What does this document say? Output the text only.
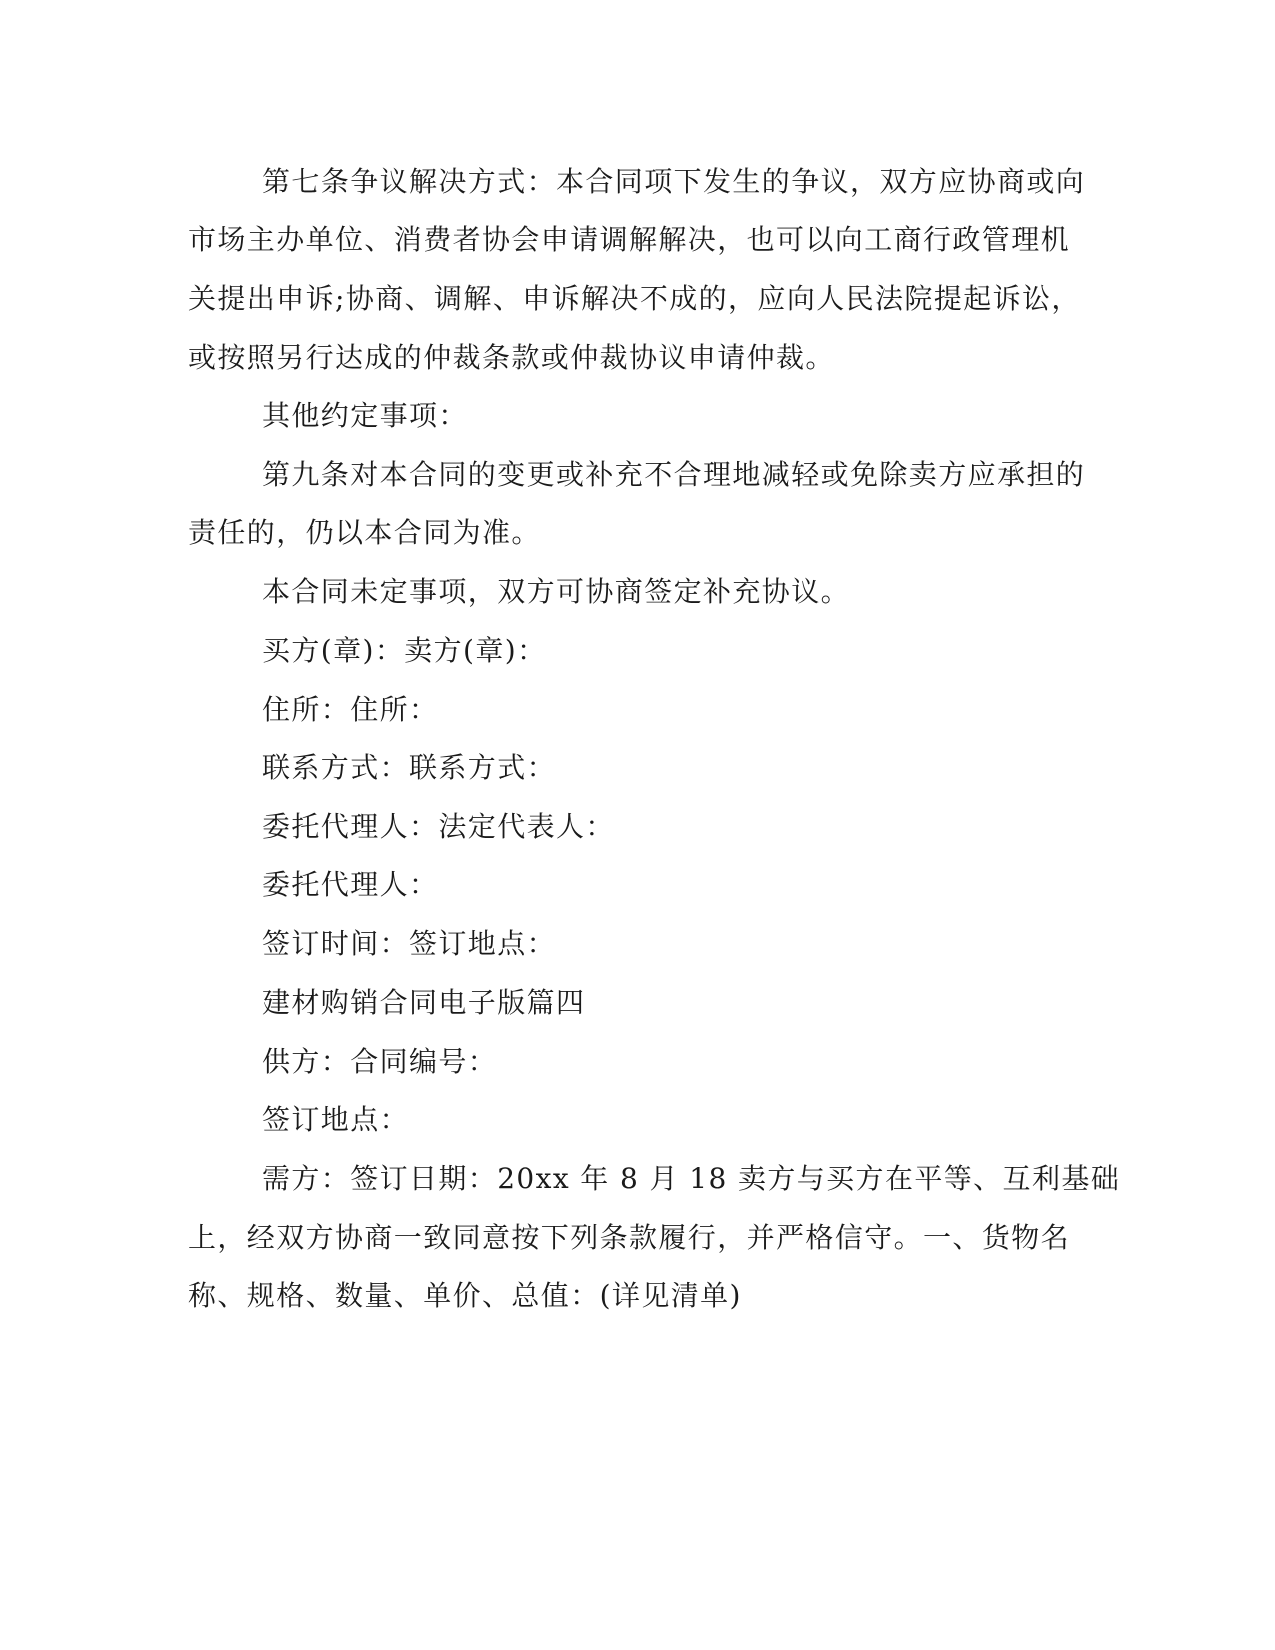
第七条争议解决方式：本合同项下发生的争议，双方应协商或向
市场主办单位、消费者协会申请调解解决，也可以向工商行政管理机
关提出申诉;协商、调解、申诉解决不成的，应向人民法院提起诉讼，
或按照另行达成的仲裁条款或仲裁协议申请仲裁。
其他约定事项：
第九条对本合同的变更或补充不合理地减轻或免除卖方应承担的
责任的，仍以本合同为准。
本合同未定事项，双方可协商签定补充协议。
买方(章)：卖方(章)：
住所：住所：
联系方式：联系方式：
委托代理人：法定代表人：
委托代理人：
签订时间：签订地点：
建材购销合同电子版篇四
供方：合同编号：
签订地点：
需方：签订日期：20xx 年 8 月 18 卖方与买方在平等、互利基础
上，经双方协商一致同意按下列条款履行，并严格信守。一、货物名
称、规格、数量、单价、总值：(详见清单)
